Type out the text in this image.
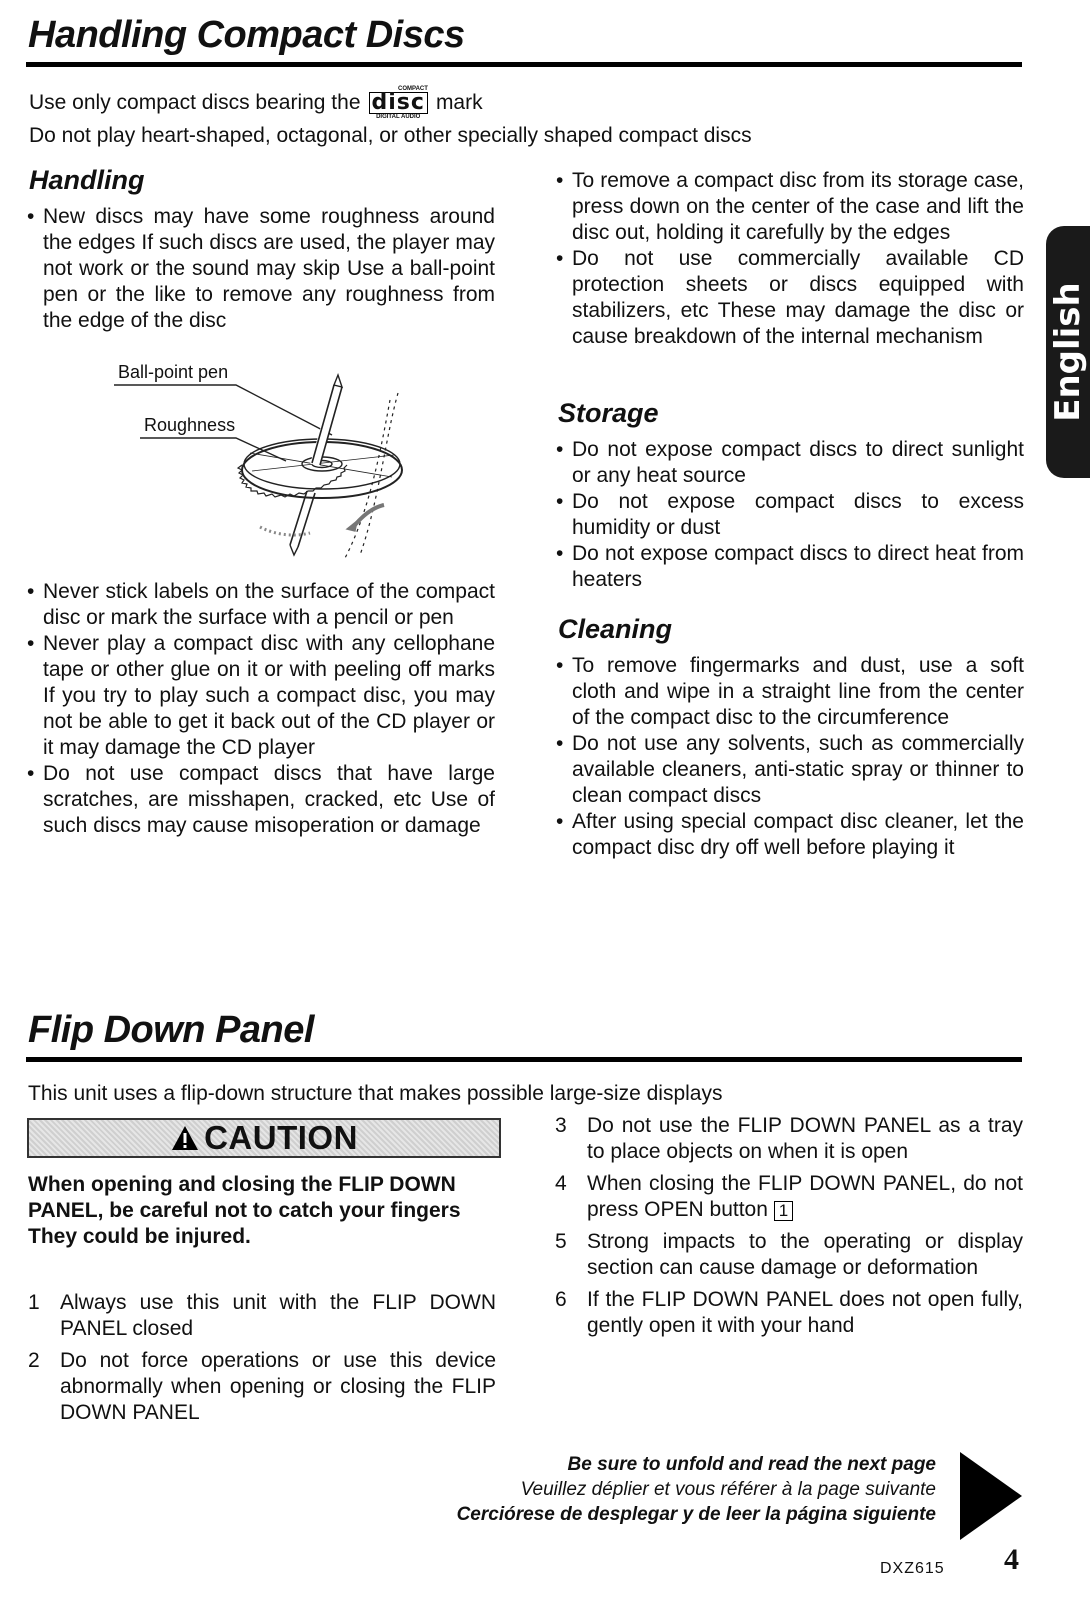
Handling Compact Discs
Use only compact discs bearing the
COMPACT
disc
DIGITAL AUDIO
mark
Do not play heart-shaped, octagonal, or other specially shaped compact discs
Handling
• New discs may have some roughness around the edges If such discs are used, the player may not work or the sound may skip Use a ball-point pen or the like to remove any roughness from the edge of the disc
Ball-point pen
Roughness
• Never stick labels on the surface of the compact disc or mark the surface with a pencil or pen
• Never play a compact disc with any cellophane tape or other glue on it or with peeling off marks If you try to play such a compact disc, you may not be able to get it back out of the CD player or it may damage the CD player
• Do not use compact discs that have large scratches, are misshapen, cracked, etc Use of such discs may cause misoperation or damage
• To remove a compact disc from its storage case, press down on the center of the case and lift the disc out, holding it carefully by the edges
• Do not use commercially available CD protection sheets or discs equipped with stabilizers, etc These may damage the disc or cause breakdown of the internal mechanism
Storage
• Do not expose compact discs to direct sunlight or any heat source
• Do not expose compact discs to excess humidity or dust
• Do not expose compact discs to direct heat from heaters
Cleaning
• To remove fingermarks and dust, use a soft cloth and wipe in a straight line from the center of the compact disc to the circumference
• Do not use any solvents, such as commercially available cleaners, anti-static spray or thinner to clean compact discs
• After using special compact disc cleaner, let the compact disc dry off well before playing it
English
Flip Down Panel
This unit uses a flip-down structure that makes possible large-size displays
CAUTION
When opening and closing the FLIP DOWN PANEL, be careful not to catch your fingers They could be injured.
1 Always use this unit with the FLIP DOWN PANEL closed
2 Do not force operations or use this device abnormally when opening or closing the FLIP DOWN PANEL
3 Do not use the FLIP DOWN PANEL as a tray to place objects on when it is open
4 When closing the FLIP DOWN PANEL, do not press OPEN button 1
5 Strong impacts to the operating or display section can cause damage or deformation
6 If the FLIP DOWN PANEL does not open fully, gently open it with your hand
Be sure to unfold and read the next page
Veuillez déplier et vous référer à la page suivante
Cerciórese de desplegar y de leer la página siguiente
DXZ615 4
